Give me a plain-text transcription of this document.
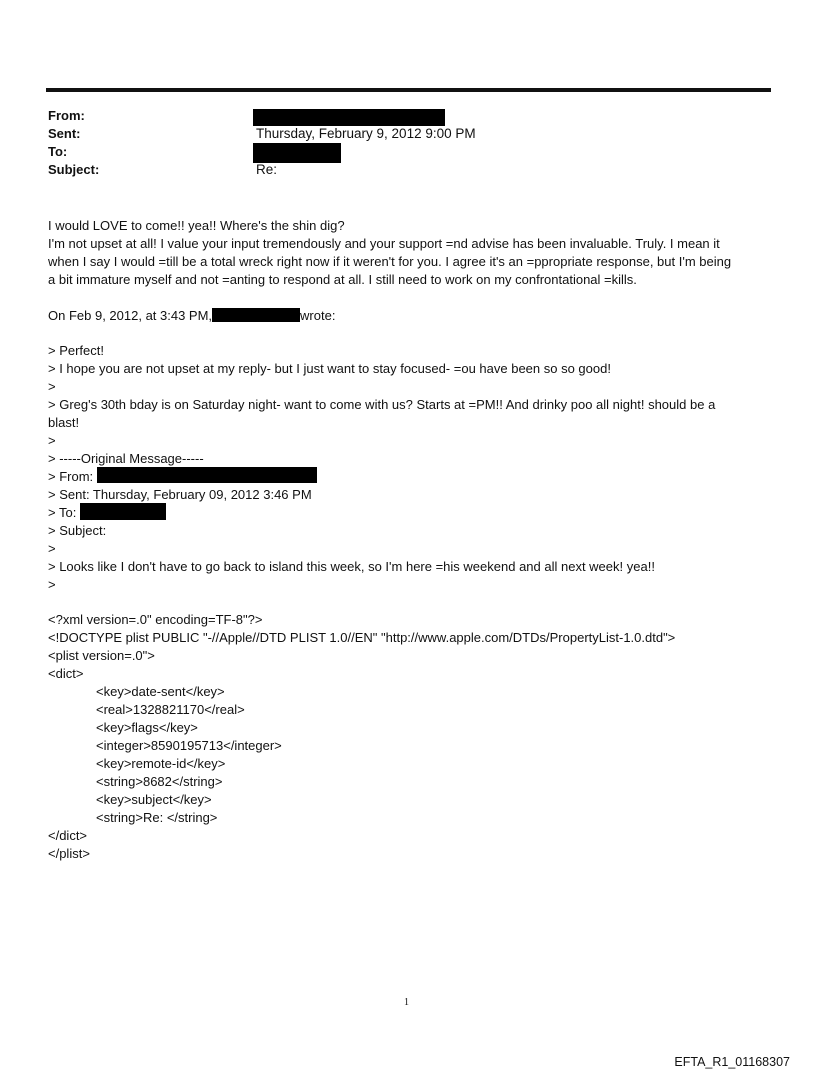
From:
Sent:	Thursday, February 9, 2012 9:00 PM
To:
Subject:	Re:
I would LOVE to come!! yea!! Where's the shin dig?
I'm not upset at all! I value your input tremendously and your support =nd advise has been invaluable. Truly. I mean it
when I say I would =till be a total wreck right now if it weren't for you. I agree it's an =ppropriate response, but I'm being
a bit immature myself and not =anting to respond at all. I still need to work on my confrontational =kills.
On Feb 9, 2012, at 3:43 PM,	wrote:
> Perfect!
> I hope you are not upset at my reply- but I just want to stay focused- =ou have been so so good!
>
> Greg's 30th bday is on Saturday night- want to come with us? Starts at =PM!! And drinky poo all night! should be a
blast!
>
> -----Original Message-----
> From:
> Sent: Thursday, February 09, 2012 3:46 PM
> To:
> Subject:
>
> Looks like I don't have to go back to island this week, so I'm here =his weekend and all next week! yea!!
>
<?xml version=.0" encoding=TF-8"?>
<!DOCTYPE plist PUBLIC "-//Apple//DTD PLIST 1.0//EN" "http://www.apple.com/DTDs/PropertyList-1.0.dtd">
<plist version=.0">
<dict>
<key>date-sent</key>
<real>1328821170</real>
<key>flags</key>
<integer>8590195713</integer>
<key>remote-id</key>
<string>8682</string>
<key>subject</key>
<string>Re: </string>
</dict>
</plist>
1
EFTA_R1_01168307
